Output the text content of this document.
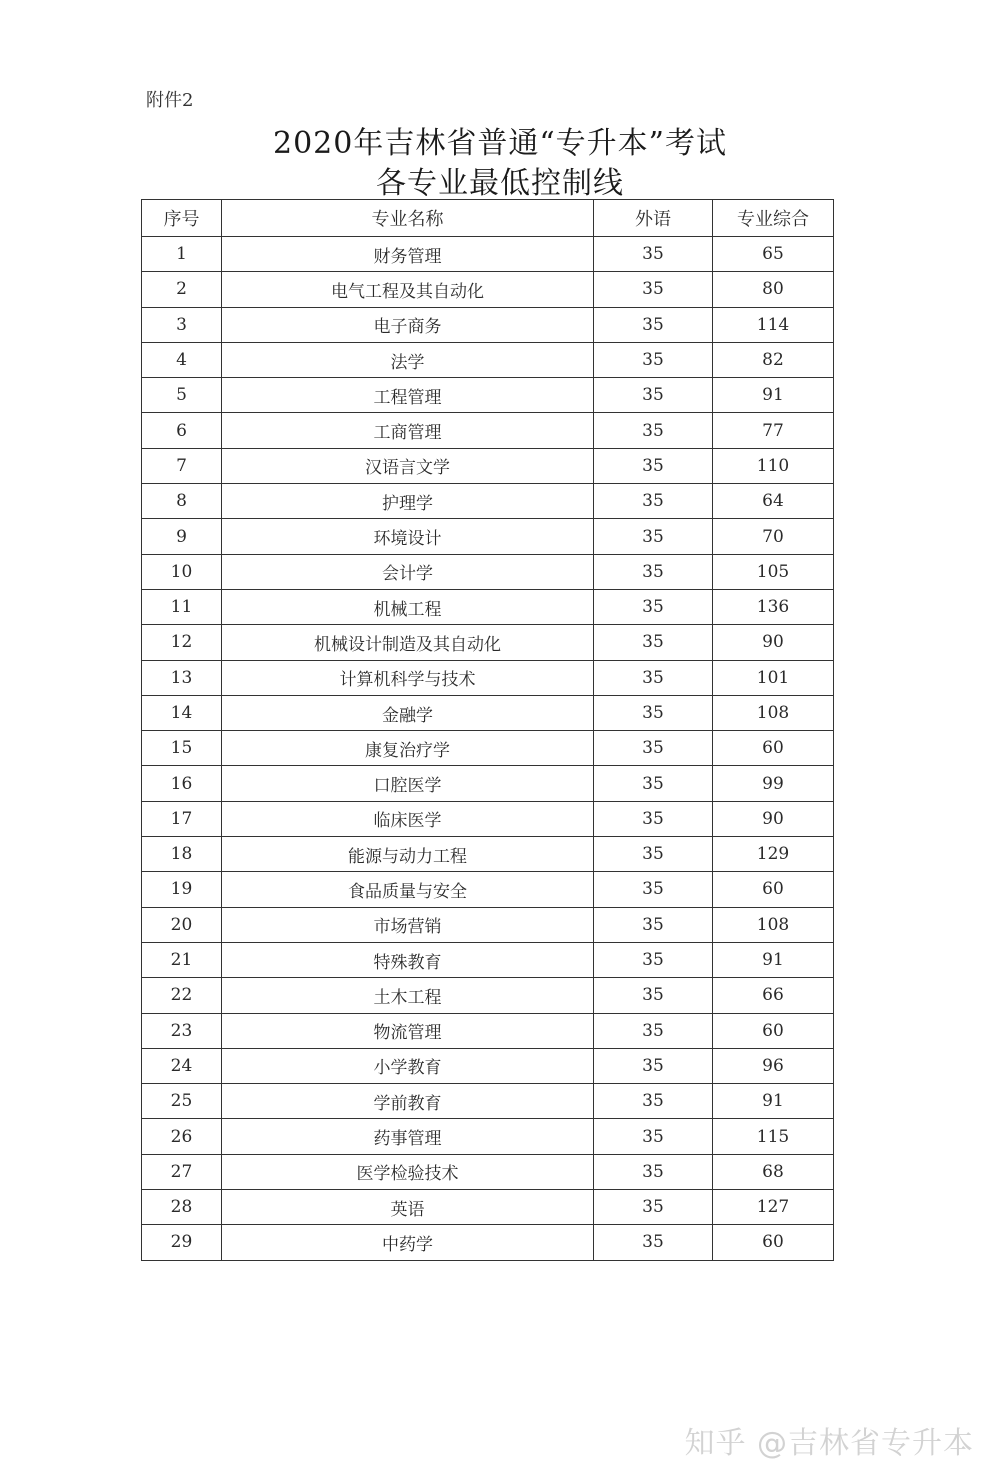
附件2
2020年吉林省普通“专升本”考试
各专业最低控制线
序号	专业名称	外语	专业综合
1	财务管理	35	65
2	电气工程及其自动化	35	80
3	电子商务	35	114
4	法学	35	82
5	工程管理	35	91
6	工商管理	35	77
7	汉语言文学	35	110
8	护理学	35	64
9	环境设计	35	70
10	会计学	35	105
11	机械工程	35	136
12	机械设计制造及其自动化	35	90
13	计算机科学与技术	35	101
14	金融学	35	108
15	康复治疗学	35	60
16	口腔医学	35	99
17	临床医学	35	90
18	能源与动力工程	35	129
19	食品质量与安全	35	60
20	市场营销	35	108
21	特殊教育	35	91
22	土木工程	35	66
23	物流管理	35	60
24	小学教育	35	96
25	学前教育	35	91
26	药事管理	35	115
27	医学检验技术	35	68
28	英语	35	127
29	中药学	35	60
知乎 @吉林省专升本
